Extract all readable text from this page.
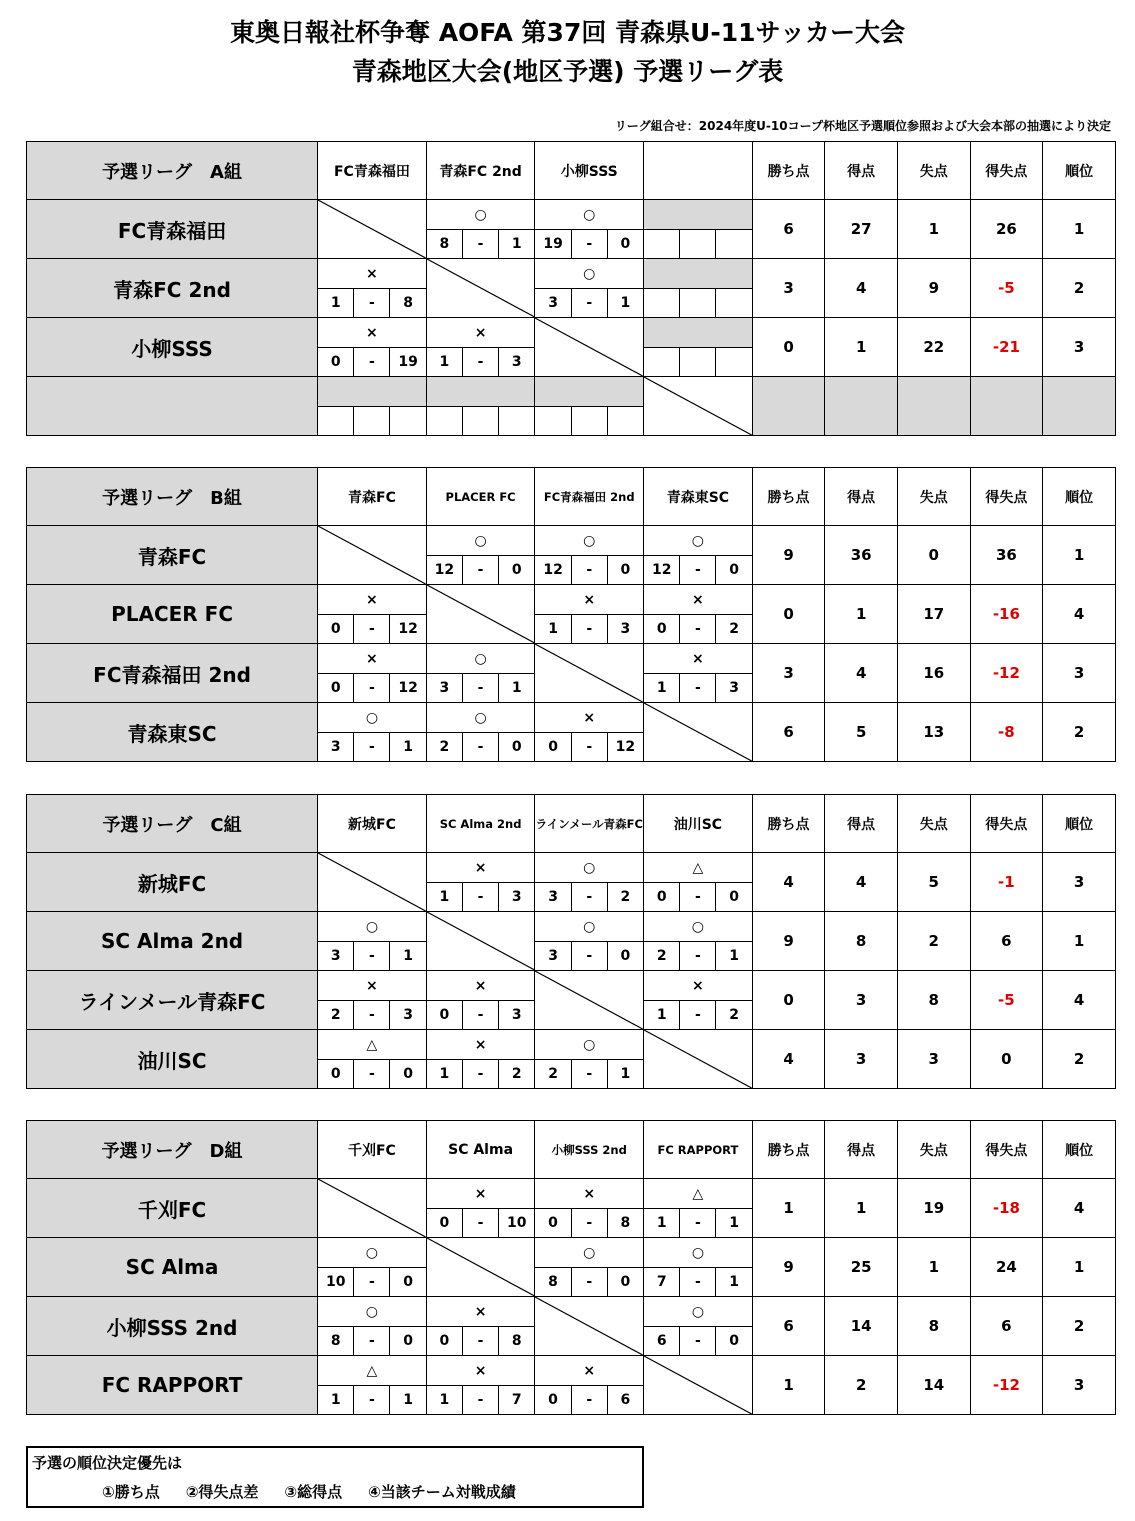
東奥日報社杯争奪 AOFA 第37回 青森県U-11サッカー大会
青森地区大会(地区予選) 予選リーグ表
リーグ組合せ：2024年度U-10コープ杯地区予選順位参照および大会本部の抽選により決定
予選リーグ　A組	FC青森福田			青森FC 2nd			小柳SSS						勝ち点	得点	失点	得失点	順位
FC青森福田				○			○						6	27	1	26	1
				8	-	1	19	-	0								
青森FC 2nd	×						○						3	4	9	-5	2
	1	-	8				3	-	1								
小柳SSS	×			×									0	1	22	-21	3
	0	-	19	1	-	3											

予選リーグ　B組	青森FC			PLACER FC			FC青森福田 2nd			青森東SC			勝ち点	得点	失点	得失点	順位
青森FC				○			○			○			9	36	0	36	1
				12	-	0	12	-	0	12	-	0					
PLACER FC	×						×			×			0	1	17	-16	4
	0	-	12				1	-	3	0	-	2					
FC青森福田 2nd	×			○						×			3	4	16	-12	3
	0	-	12	3	-	1				1	-	3					
青森東SC	○			○			×						6	5	13	-8	2
	3	-	1	2	-	0	0	-	12								
予選リーグ　C組	新城FC			SC Alma 2nd			ラインメール青森FC			油川SC			勝ち点	得点	失点	得失点	順位
新城FC				×			○			△			4	4	5	-1	3
				1	-	3	3	-	2	0	-	0					
SC Alma 2nd	○						○			○			9	8	2	6	1
	3	-	1				3	-	0	2	-	1					
ラインメール青森FC	×			×						×			0	3	8	-5	4
	2	-	3	0	-	3				1	-	2					
油川SC	△			×			○						4	3	3	0	2
	0	-	0	1	-	2	2	-	1								
予選リーグ　D組	千刈FC			SC Alma			小柳SSS 2nd			FC RAPPORT			勝ち点	得点	失点	得失点	順位
千刈FC				×			×			△			1	1	19	-18	4
				0	-	10	0	-	8	1	-	1					
SC Alma	○						○			○			9	25	1	24	1
	10	-	0				8	-	0	7	-	1					
小柳SSS 2nd	○			×						○			6	14	8	6	2
	8	-	0	0	-	8				6	-	0					
FC RAPPORT	△			×			×						1	2	14	-12	3
	1	-	1	1	-	7	0	-	6								
予選の順位決定優先は
①勝ち点 ②得失点差 ③総得点 ④当該チーム対戦成績
